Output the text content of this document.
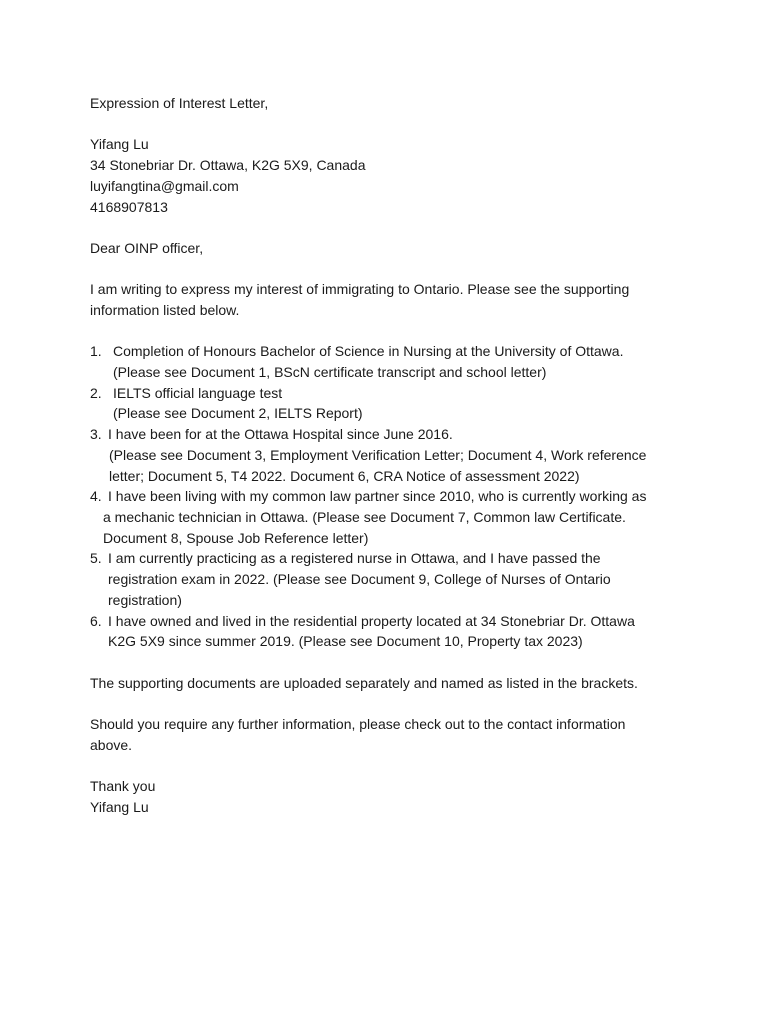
Expression of Interest Letter,
Yifang Lu
34 Stonebriar Dr. Ottawa, K2G 5X9, Canada
luyifangtina@gmail.com
4168907813
Dear OINP officer,
I am writing to express my interest of immigrating to Ontario. Please see the supporting
information listed below.
1. Completion of Honours Bachelor of Science in Nursing at the University of Ottawa.
(Please see Document 1, BScN certificate transcript and school letter)
2. IELTS official language test
(Please see Document 2, IELTS Report)
3. I have been for at the Ottawa Hospital since June 2016.
(Please see Document 3, Employment Verification Letter; Document 4, Work reference
letter; Document 5, T4 2022. Document 6, CRA Notice of assessment 2022)
4. I have been living with my common law partner since 2010, who is currently working as
a mechanic technician in Ottawa. (Please see Document 7, Common law Certificate.
Document 8, Spouse Job Reference letter)
5. I am currently practicing as a registered nurse in Ottawa, and I have passed the
registration exam in 2022. (Please see Document 9, College of Nurses of Ontario
registration)
6. I have owned and lived in the residential property located at 34 Stonebriar Dr. Ottawa
K2G 5X9 since summer 2019. (Please see Document 10, Property tax 2023)
The supporting documents are uploaded separately and named as listed in the brackets.
Should you require any further information, please check out to the contact information
above.
Thank you
Yifang Lu
